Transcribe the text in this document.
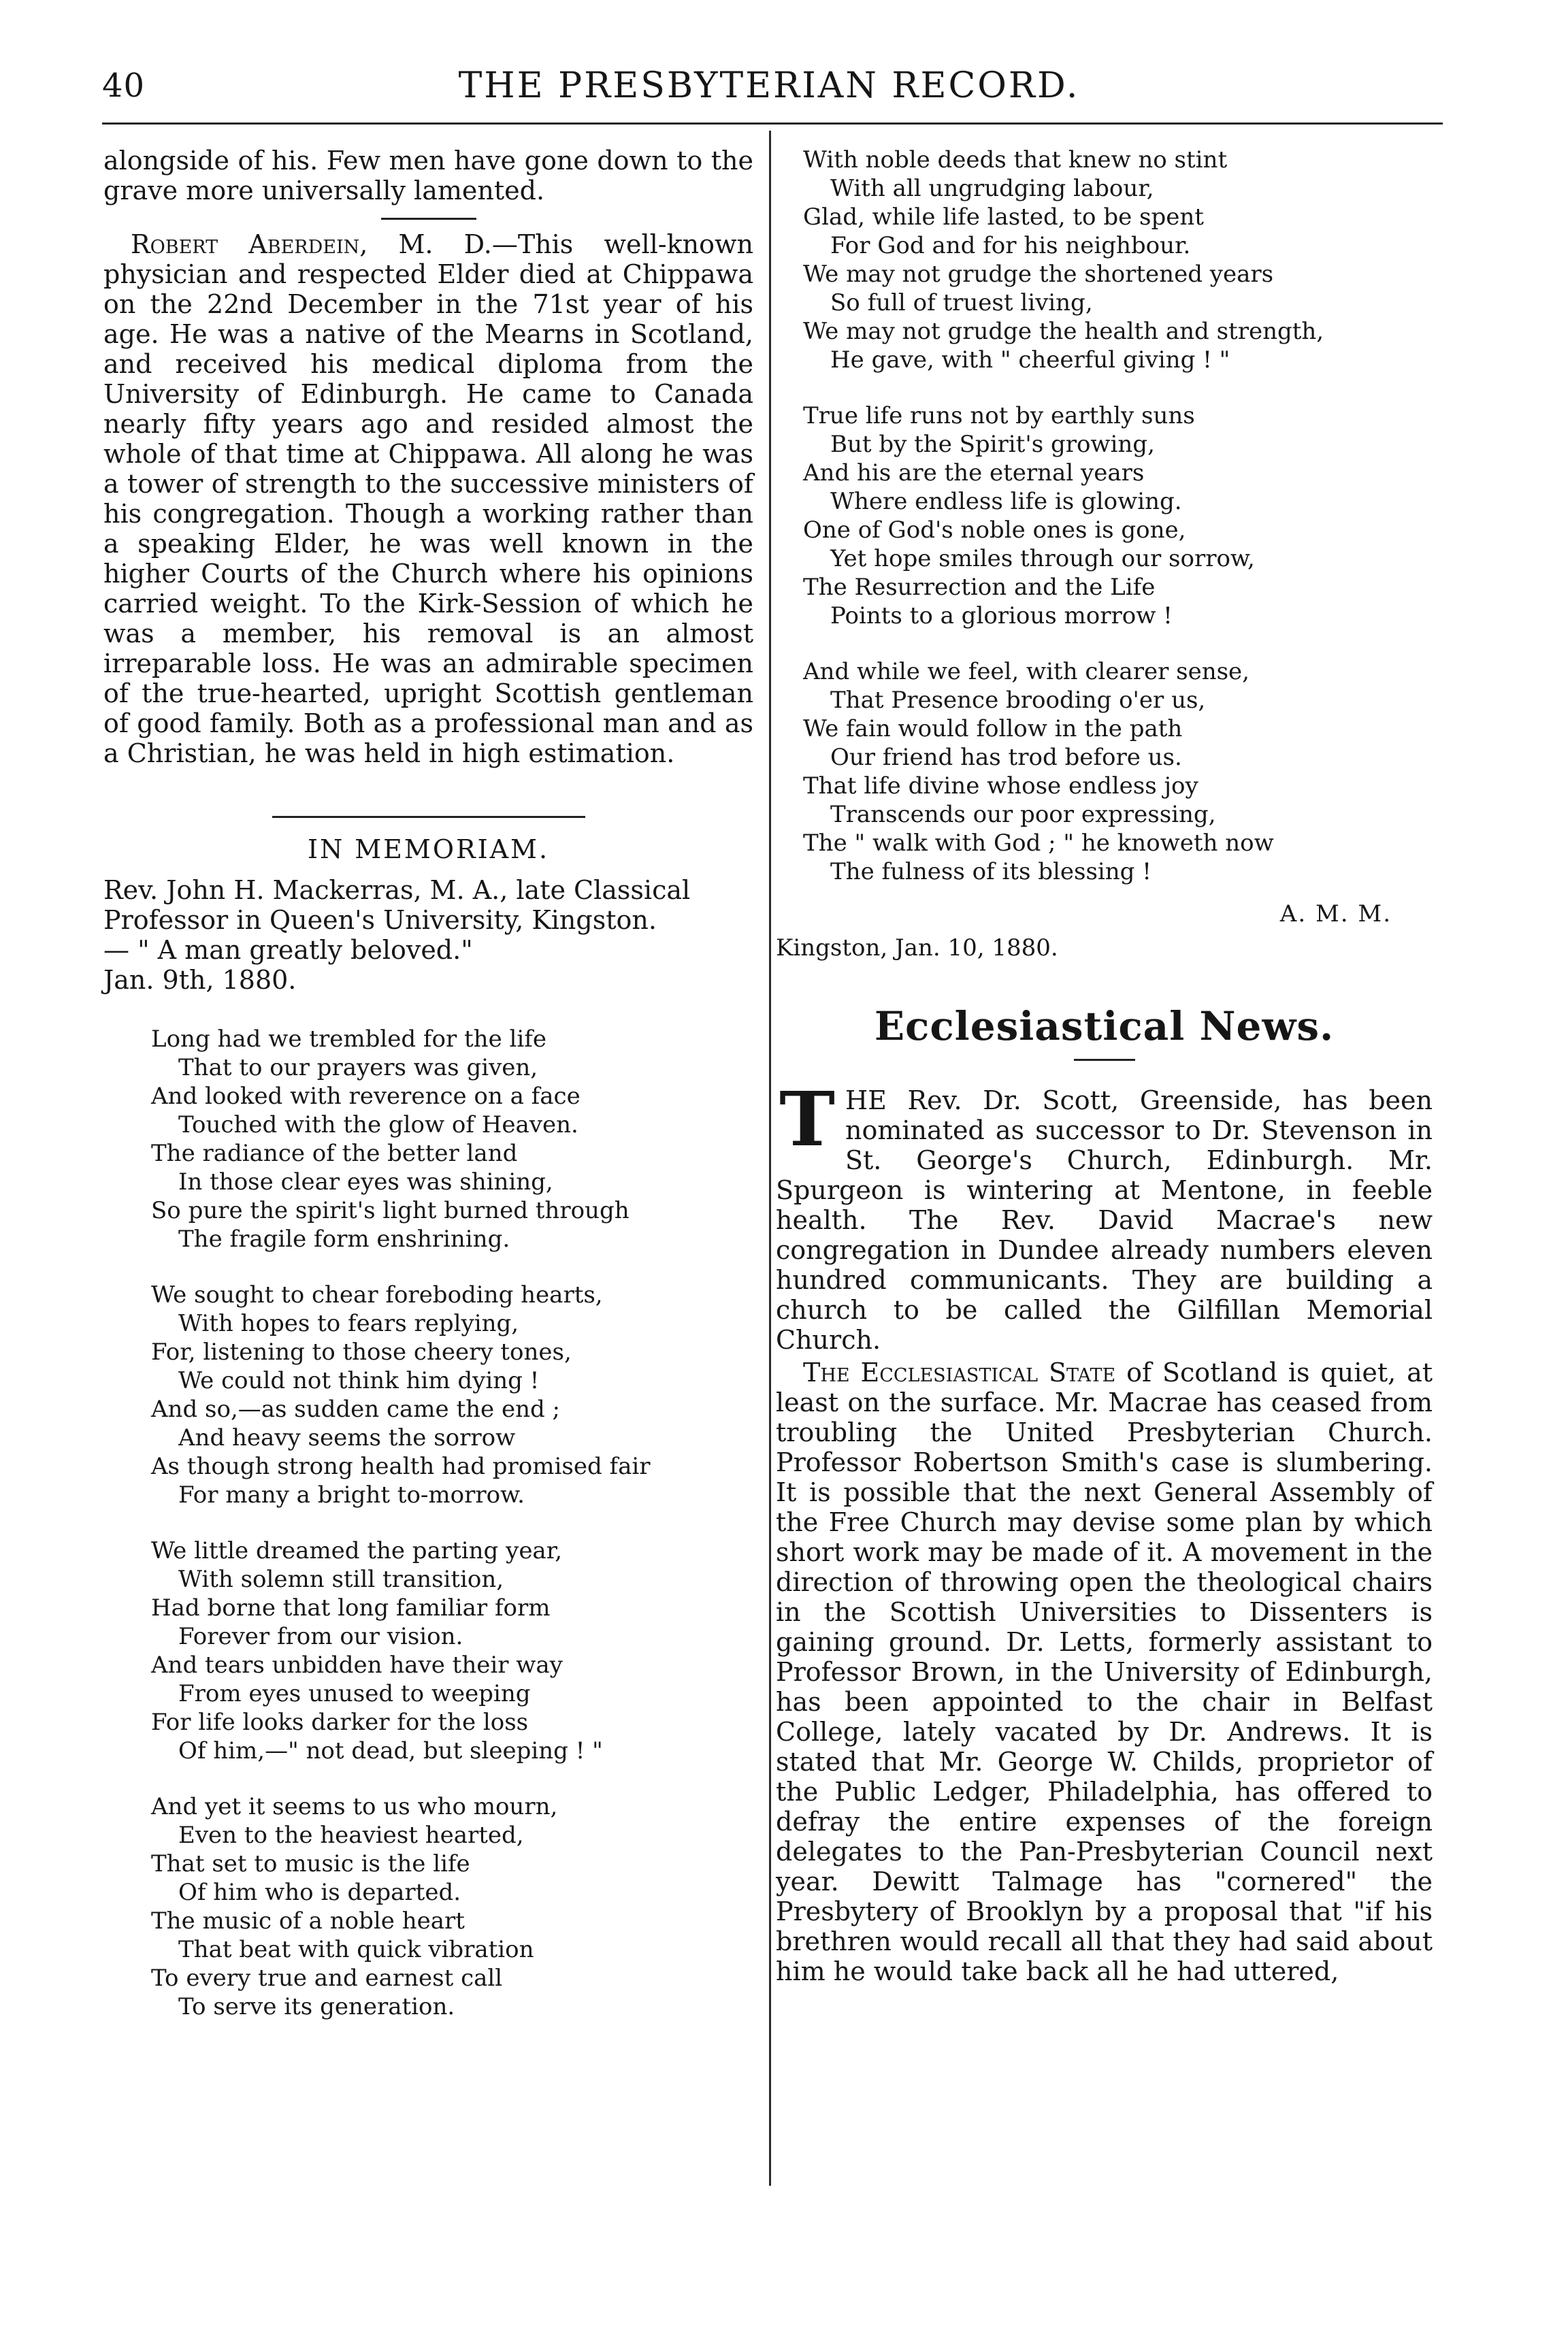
40	THE PRESBYTERIAN RECORD.

alongside of his. Few men have gone down to the grave more universally lamented.

Robert Aberdein, M. D.—This well-known physician and respected Elder died at Chippawa on the 22nd December in the 71st year of his age. He was a native of the Mearns in Scotland, and received his medical diploma from the University of Edinburgh. He came to Canada nearly fifty years ago and resided almost the whole of that time at Chippawa. All along he was a tower of strength to the successive ministers of his congregation. Though a working rather than a speaking Elder, he was well known in the higher Courts of the Church where his opinions carried weight. To the Kirk-Session of which he was a member, his removal is an almost irreparable loss. He was an admirable specimen of the true-hearted, upright Scottish gentleman of good family. Both as a professional man and as a Christian, he was held in high estimation.

IN MEMORIAM.

Rev. John H. Mackerras, M. A., late Classical

Professor in Queen's University, Kingston.

— " A man greatly beloved."

Jan. 9th, 1880.

Long had we trembled for the life
That to our prayers was given,
And looked with reverence on a face
Touched with the glow of Heaven.
The radiance of the better land
In those clear eyes was shining,
So pure the spirit's light burned through
The fragile form enshrining.
We sought to chear foreboding hearts,
With hopes to fears replying,
For, listening to those cheery tones,
We could not think him dying !
And so,—as sudden came the end ;
And heavy seems the sorrow
As though strong health had promised fair
For many a bright to-morrow.
We little dreamed the parting year,
With solemn still transition,
Had borne that long familiar form
Forever from our vision.
And tears unbidden have their way
From eyes unused to weeping
For life looks darker for the loss
Of him,—" not dead, but sleeping ! "
And yet it seems to us who mourn,
Even to the heaviest hearted,
That set to music is the life
Of him who is departed.
The music of a noble heart
That beat with quick vibration
To every true and earnest call
To serve its generation.
With noble deeds that knew no stint
With all ungrudging labour,
Glad, while life lasted, to be spent
For God and for his neighbour.
We may not grudge the shortened years
So full of truest living,
We may not grudge the health and strength,
He gave, with " cheerful giving ! "
True life runs not by earthly suns
But by the Spirit's growing,
And his are the eternal years
Where endless life is glowing.
One of God's noble ones is gone,
Yet hope smiles through our sorrow,
The Resurrection and the Life
Points to a glorious morrow !
And while we feel, with clearer sense,
That Presence brooding o'er us,
We fain would follow in the path
Our friend has trod before us.
That life divine whose endless joy
Transcends our poor expressing,
The " walk with God ; " he knoweth now
The fulness of its blessing !
A. M. M.
Kingston, Jan. 10, 1880.
Ecclesiastical News.

THE Rev. Dr. Scott, Greenside, has been nominated as successor to Dr. Stevenson in St. George's Church, Edinburgh. Mr. Spurgeon is wintering at Mentone, in feeble health. The Rev. David Macrae's new congregation in Dundee already numbers eleven hundred communicants. They are building a church to be called the Gilfillan Memorial Church.

The Ecclesiastical State of Scotland is quiet, at least on the surface. Mr. Macrae has ceased from troubling the United Presbyterian Church. Professor Robertson Smith's case is slumbering. It is possible that the next General Assembly of the Free Church may devise some plan by which short work may be made of it. A movement in the direction of throwing open the theological chairs in the Scottish Universities to Dissenters is gaining ground. Dr. Letts, formerly assistant to Professor Brown, in the University of Edinburgh, has been appointed to the chair in Belfast College, lately vacated by Dr. Andrews. It is stated that Mr. George W. Childs, proprietor of the Public Ledger, Philadelphia, has offered to defray the entire expenses of the foreign delegates to the Pan-Presbyterian Council next year. Dewitt Talmage has "cornered" the Presbytery of Brooklyn by a proposal that "if his brethren would recall all that they had said about him he would take back all he had uttered,
